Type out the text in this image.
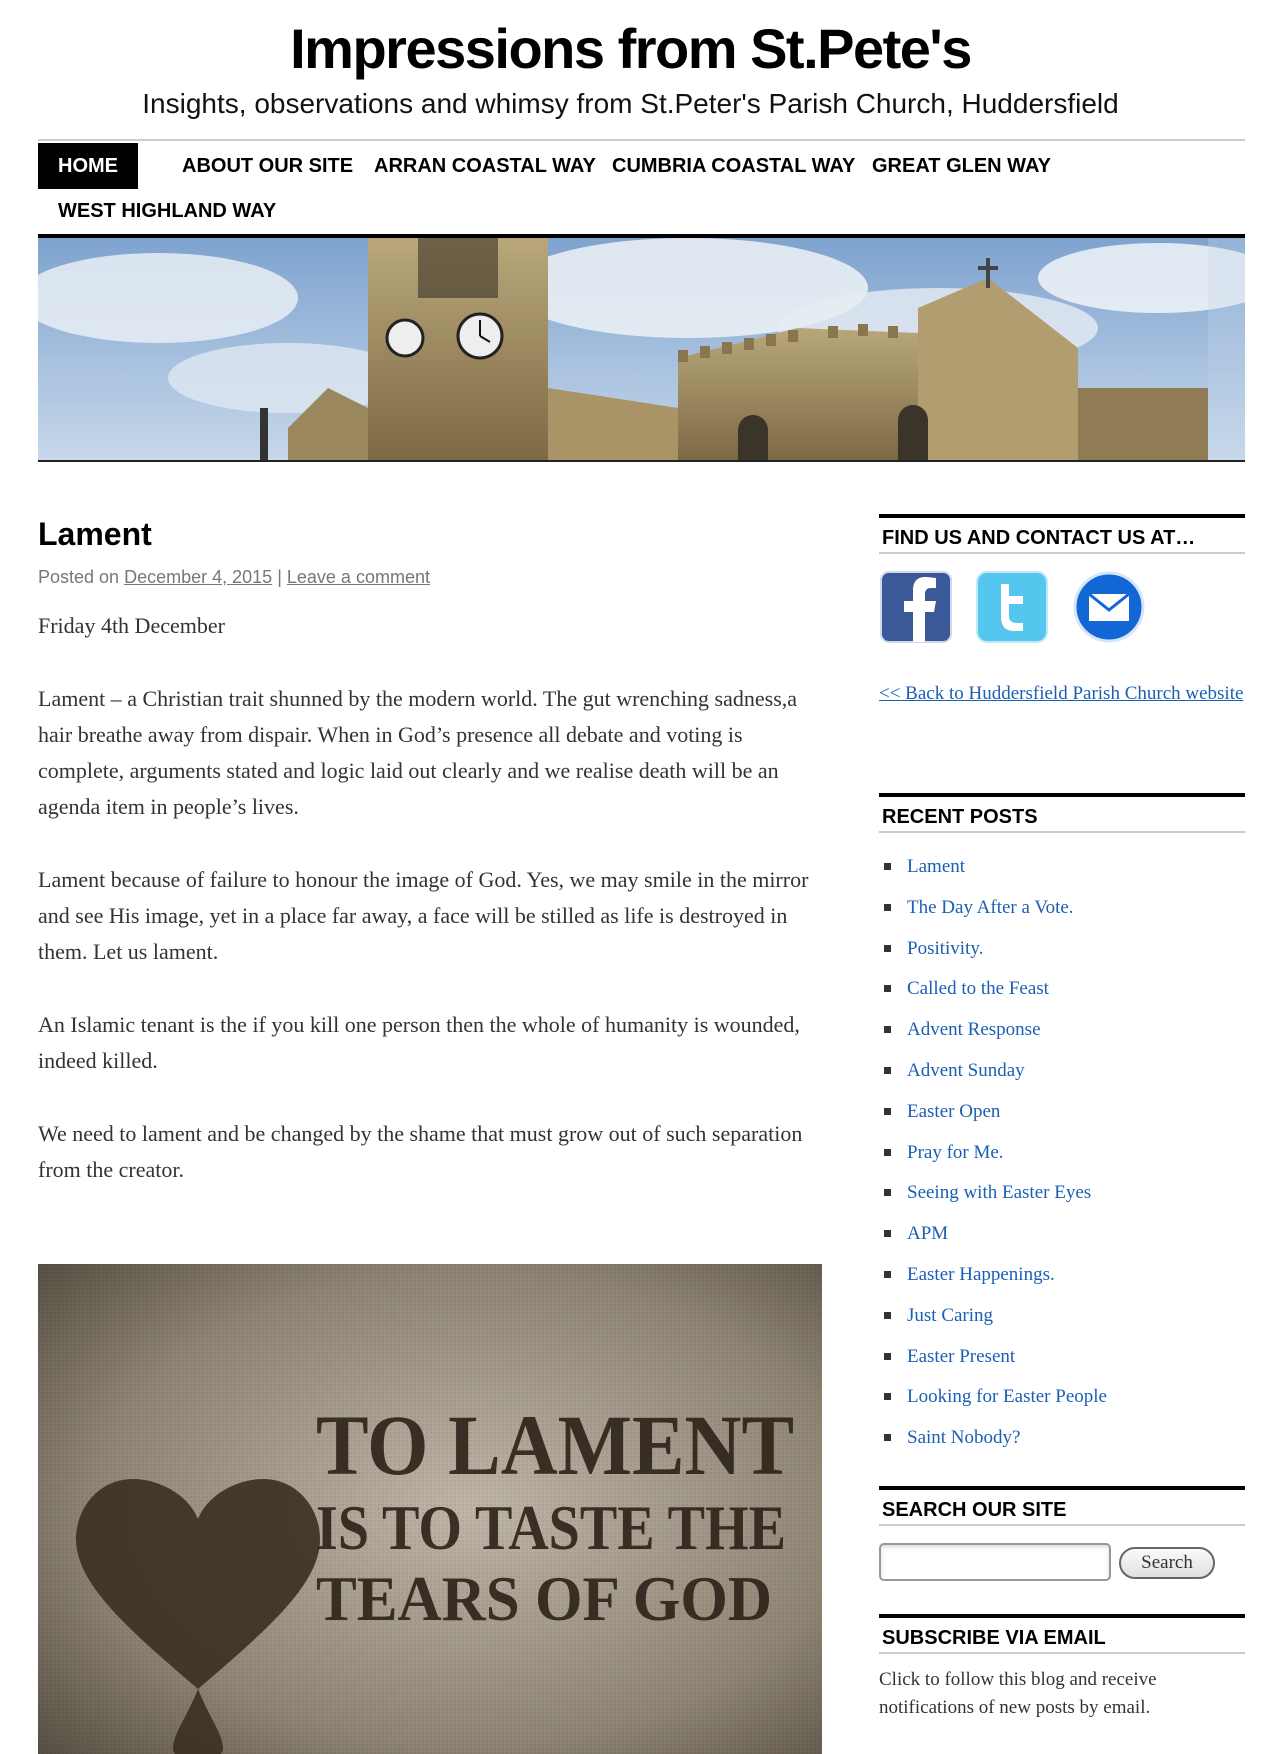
Impressions from St.Pete's

Insights, observations and whimsy from St.Peter's Parish Church, Huddersfield

HOME	ABOUT OUR SITE	ARRAN COASTAL WAY CUMBRIA COASTAL WAY GREAT GLEN WAY
WEST HIGHLAND WAY
Lament
Posted on December 4, 2015 | Leave a comment

Friday 4th December

Lament – a Christian trait shunned by the modern world. The gut wrenching sadness,a hair breathe away from dispair. When in God’s presence all debate and voting is complete, arguments stated and logic laid out clearly and we realise death will be an agenda item in people’s lives.

Lament because of failure to honour the image of God. Yes, we may smile in the mirror and see His image, yet in a place far away, a face will be stilled as life is destroyed in them. Let us lament.

An Islamic tenant is the if you kill one person then the whole of humanity is wounded, indeed killed.

We need to lament and be changed by the shame that must grow out of such separation from the creator.

TO LAMENT
IS TO TASTE THE
TEARS OF GOD
FIND US AND CONTACT US AT…
<< Back to Huddersfield Parish Church website
RECENT POSTS
Lament
The Day After a Vote.
Positivity.
Called to the Feast
Advent Response
Advent Sunday
Easter Open
Pray for Me.
Seeing with Easter Eyes
APM
Easter Happenings.
Just Caring
Easter Present
Looking for Easter People
Saint Nobody?
SEARCH OUR SITE
Search
SUBSCRIBE VIA EMAIL
Click to follow this blog and receive notifications of new posts by email.
